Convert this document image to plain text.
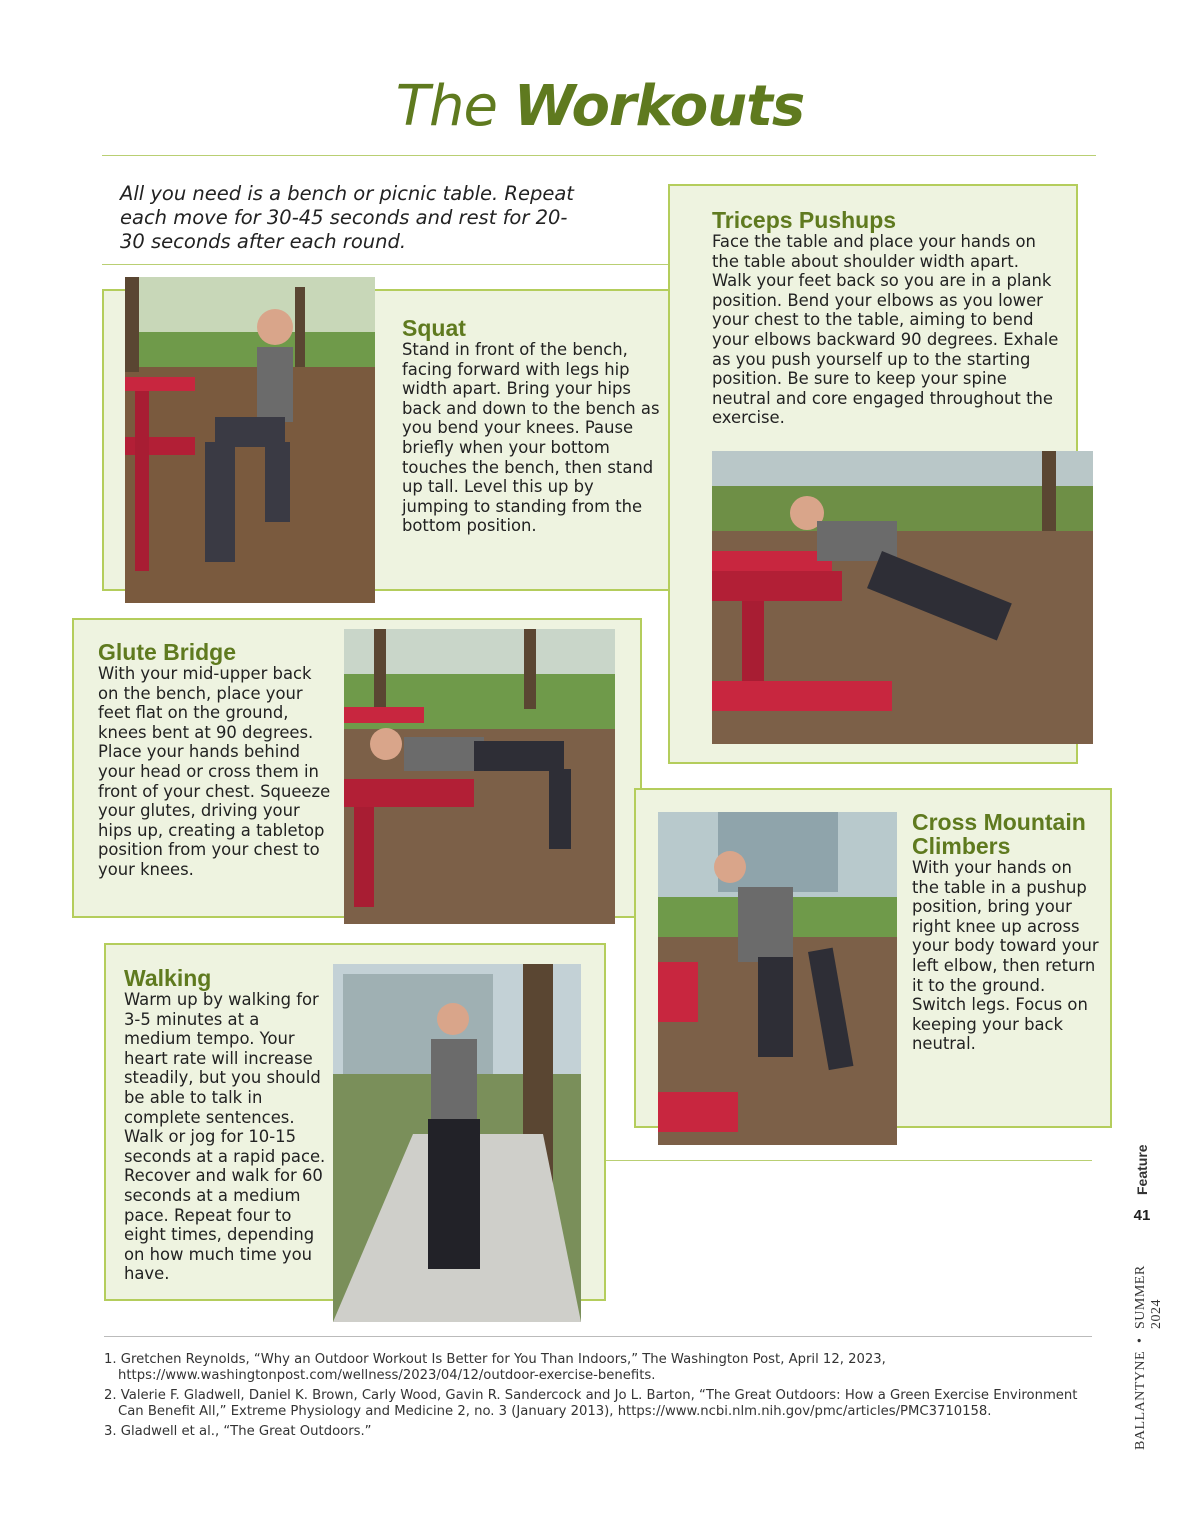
The Workouts
All you need is a bench or picnic table. Repeat each move for 30-45 seconds and rest for 20-30 seconds after each round.

Squat

Stand in front of the bench, facing forward with legs hip width apart. Bring your hips back and down to the bench as you bend your knees. Pause briefly when your bottom touches the bench, then stand up tall. Level this up by jumping to standing from the bottom position.

Triceps Pushups

Face the table and place your hands on the table about shoulder width apart. Walk your feet back so you are in a plank position. Bend your elbows as you lower your chest to the table, aiming to bend your elbows backward 90 degrees. Exhale as you push yourself up to the starting position. Be sure to keep your spine neutral and core engaged throughout the exercise.

Glute Bridge

With your mid-upper back on the bench, place your feet flat on the ground, knees bent at 90 degrees. Place your hands behind your head or cross them in front of your chest. Squeeze your glutes, driving your hips up, creating a tabletop position from your chest to your knees.

Cross Mountain Climbers

With your hands on the table in a pushup position, bring your right knee up across your body toward your left elbow, then return it to the ground. Switch legs. Focus on keeping your back neutral.

Walking

Warm up by walking for 3-5 minutes at a medium tempo. Your heart rate will increase steadily, but you should be able to talk in complete sentences. Walk or jog for 10-15 seconds at a rapid pace. Recover and walk for 60 seconds at a medium pace. Repeat four to eight times, depending on how much time you have.

1. Gretchen Reynolds, “Why an Outdoor Workout Is Better for You Than Indoors,” The Washington Post, April 12, 2023, https://www.washingtonpost.com/wellness/2023/04/12/outdoor-exercise-benefits.

2. Valerie F. Gladwell, Daniel K. Brown, Carly Wood, Gavin R. Sandercock and Jo L. Barton, “The Great Outdoors: How a Green Exercise Environment Can Benefit All,” Extreme Physiology and Medicine 2, no. 3 (January 2013), https://www.ncbi.nlm.nih.gov/pmc/articles/PMC3710158.

3. Gladwell et al., “The Great Outdoors.”

Feature
41
BALLANTYNE
•
SUMMER 2024
